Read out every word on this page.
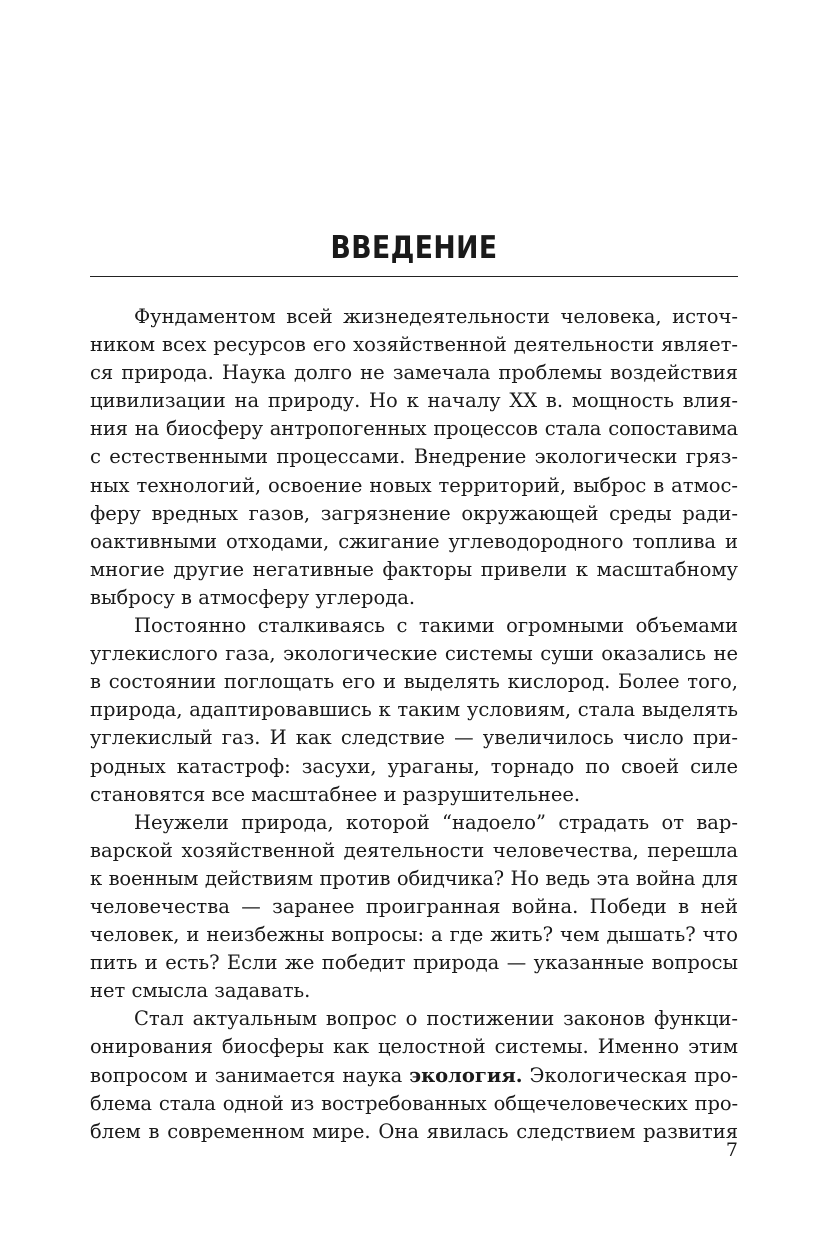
ВВЕДЕНИЕ

Фундаментом всей жизнедеятельности человека, источ-
ником всех ресурсов его хозяйственной деятельности являет-
ся природа. Наука долго не замечала проблемы воздействия
цивилизации на природу. Но к началу XX в. мощность влия-
ния на биосферу антропогенных процессов стала сопоставима
с естественными процессами. Внедрение экологически гряз-
ных технологий, освоение новых территорий, выброс в атмос-
феру вредных газов, загрязнение окружающей среды ради-
оактивными отходами, сжигание углеводородного топлива и
многие другие негативные факторы привели к масштабному
выбросу в атмосферу углерода.

Постоянно сталкиваясь с такими огромными объемами
углекислого газа, экологические системы суши оказались не
в состоянии поглощать его и выделять кислород. Более того,
природа, адаптировавшись к таким условиям, стала выделять
углекислый газ. И как следствие — увеличилось число при-
родных катастроф: засухи, ураганы, торнадо по своей силе
становятся все масштабнее и разрушительнее.

Неужели природа, которой “надоело” страдать от вар-
варской хозяйственной деятельности человечества, перешла
к военным действиям против обидчика? Но ведь эта война для
человечества — заранее проигранная война. Победи в ней
человек, и неизбежны вопросы: а где жить? чем дышать? что
пить и есть? Если же победит природа — указанные вопросы
нет смысла задавать.

Стал актуальным вопрос о постижении законов функци-
онирования биосферы как целостной системы. Именно этим
вопросом и занимается наука экология. Экологическая про-
блема стала одной из востребованных общечеловеческих про-
блем в современном мире. Она явилась следствием развития

7
